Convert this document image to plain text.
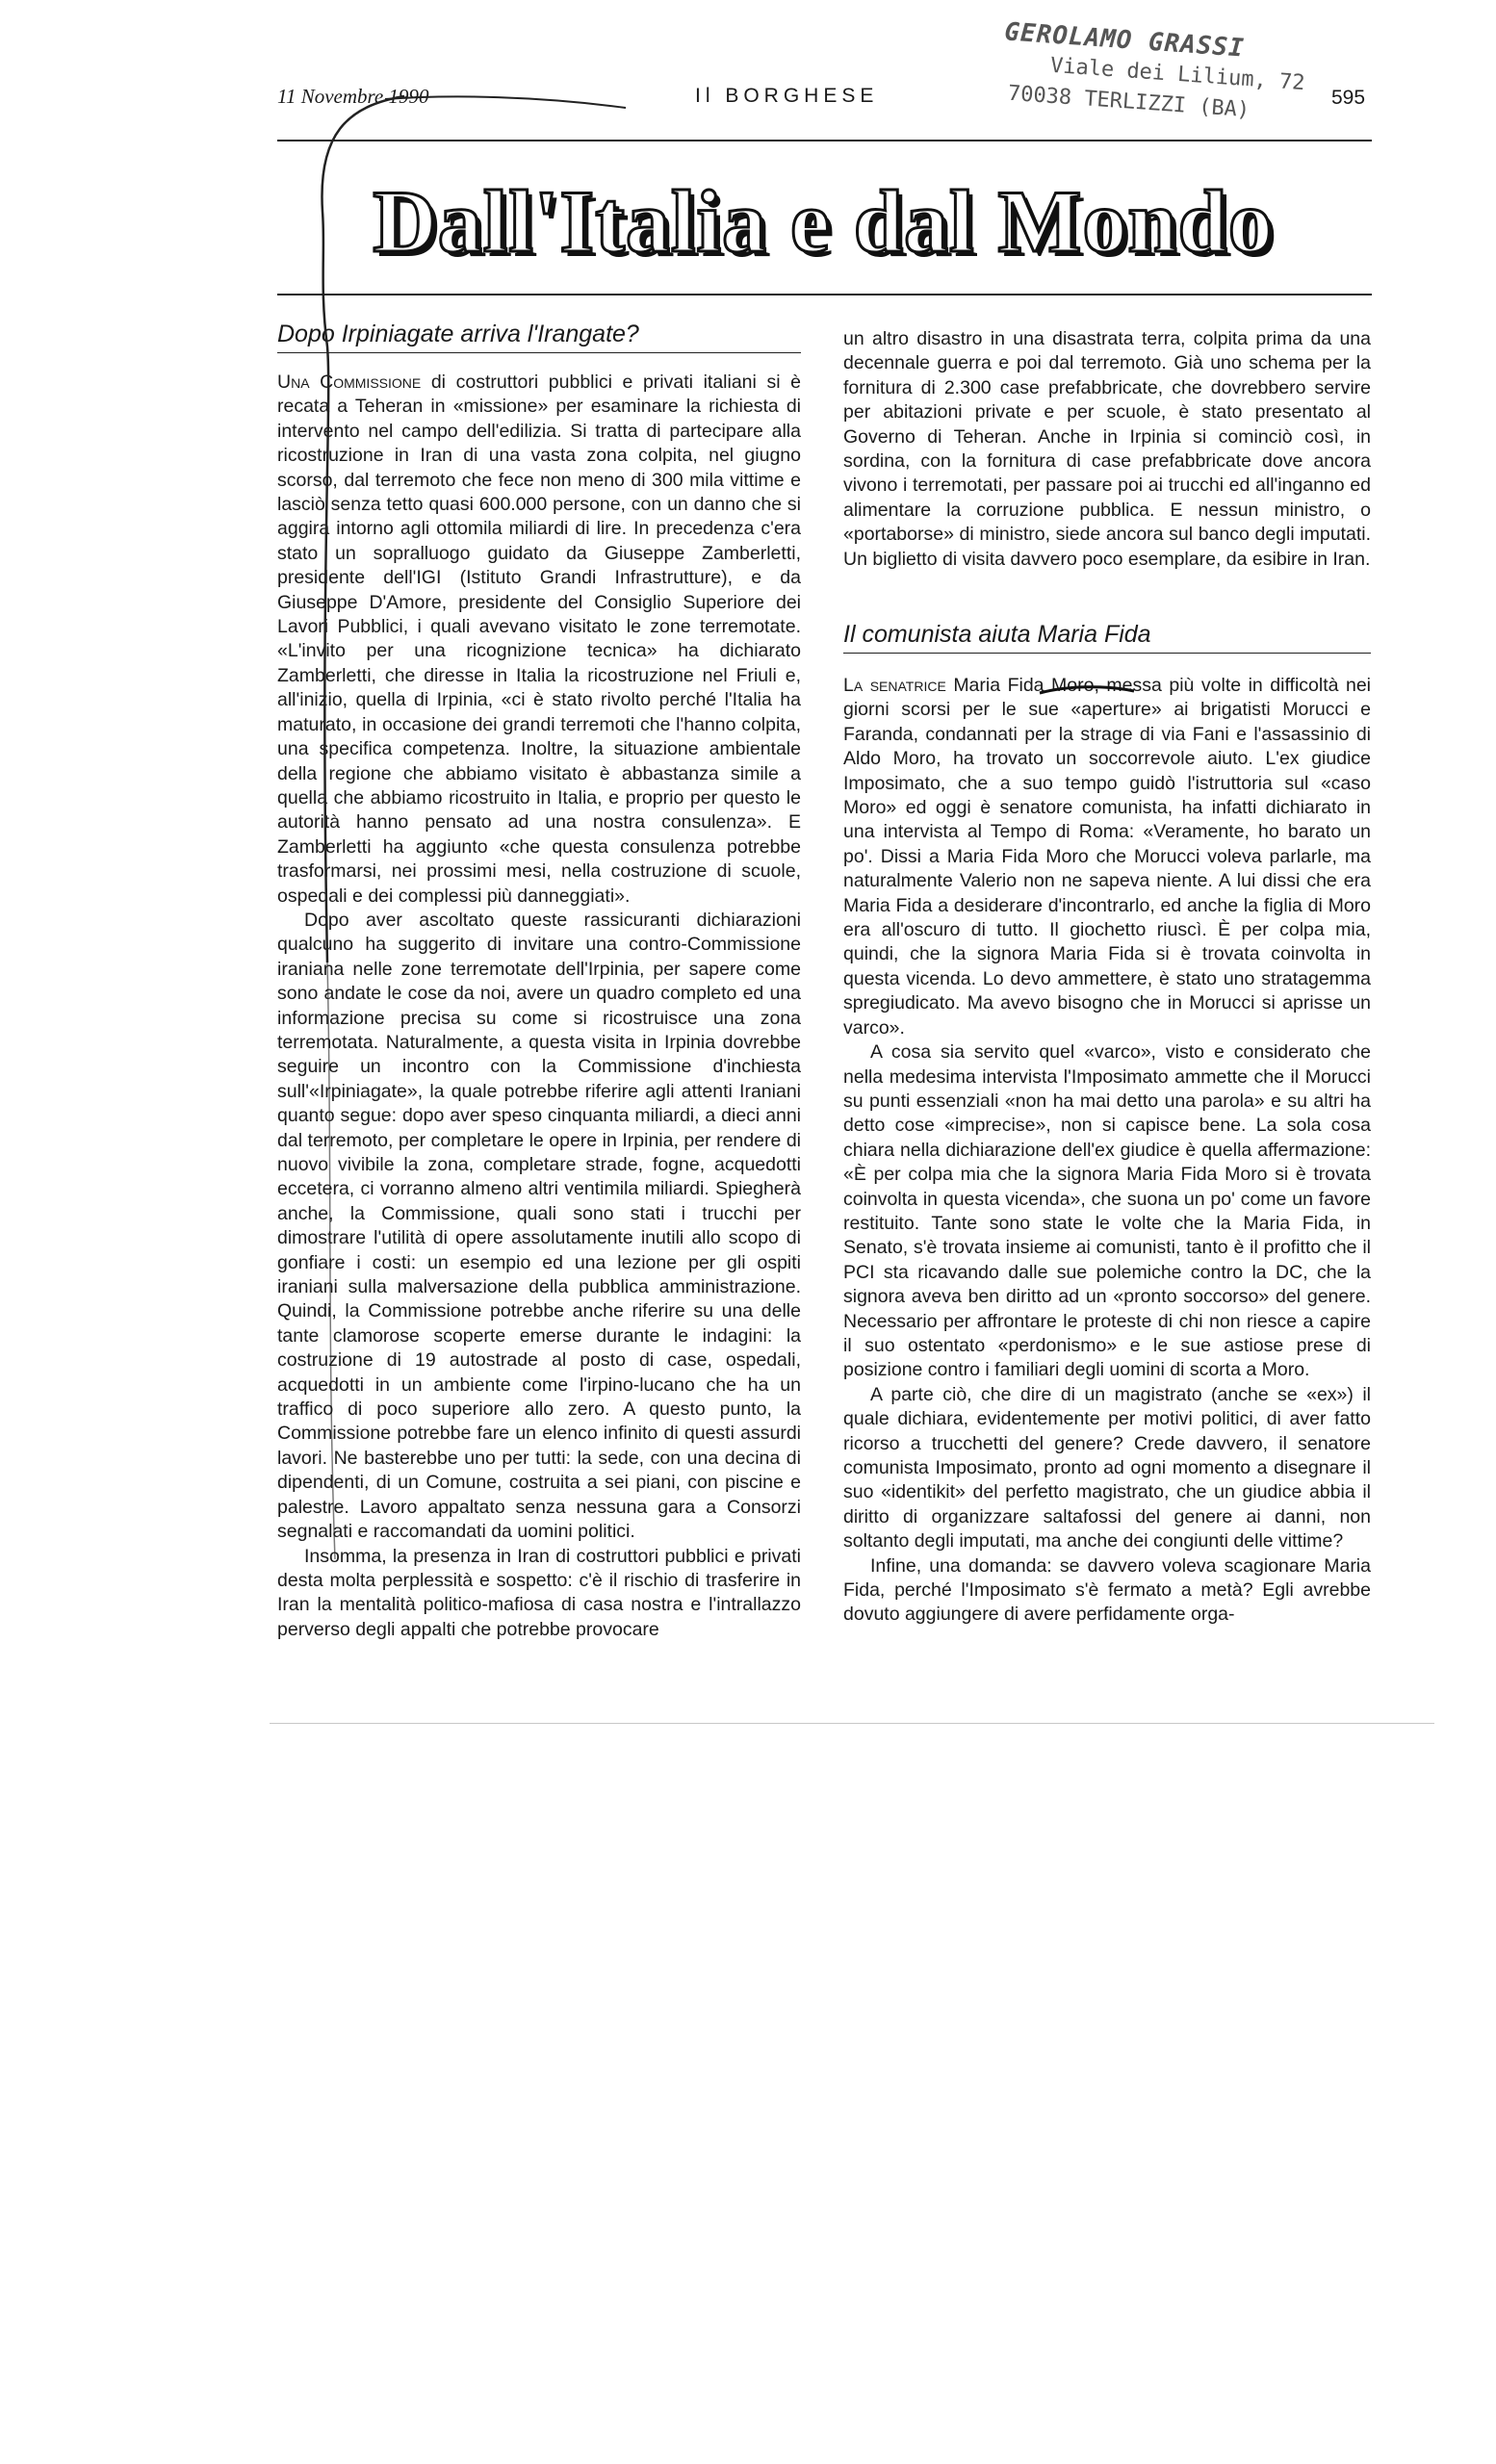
11 Novembre 1990	Il BORGHESE	595
GEROLAMO GRASSI
Viale dei Lilium, 72
70038 TERLIZZI (BA)
Dall'Italia e dal Mondo
Dopo Irpiniagate arriva l'Irangate?

Una Commissione di costruttori pubblici e privati italiani si è recata a Teheran in «missione» per esaminare la richiesta di intervento nel campo dell'edilizia. Si tratta di partecipare alla ricostruzione in Iran di una vasta zona colpita, nel giugno scorso, dal terremoto che fece non meno di 300 mila vittime e lasciò senza tetto quasi 600.000 persone, con un danno che si aggira intorno agli ottomila miliardi di lire. In precedenza c'era stato un sopralluogo guidato da Giuseppe Zamberletti, presidente dell'IGI (Istituto Grandi Infrastrutture), e da Giuseppe D'Amore, presidente del Consiglio Superiore dei Lavori Pubblici, i quali avevano visitato le zone terremotate. «L'invito per una ricognizione tecnica» ha dichiarato Zamberletti, che diresse in Italia la ricostruzione nel Friuli e, all'inizio, quella di Irpinia, «ci è stato rivolto perché l'Italia ha maturato, in occasione dei grandi terremoti che l'hanno colpita, una specifica competenza. Inoltre, la situazione ambientale della regione che abbiamo visitato è abbastanza simile a quella che abbiamo ricostruito in Italia, e proprio per questo le autorità hanno pensato ad una nostra consulenza». E Zamberletti ha aggiunto «che questa consulenza potrebbe trasformarsi, nei prossimi mesi, nella costruzione di scuole, ospedali e dei complessi più danneggiati».

Dopo aver ascoltato queste rassicuranti dichiarazioni qualcuno ha suggerito di invitare una contro-Commissione iraniana nelle zone terremotate dell'Irpinia, per sapere come sono andate le cose da noi, avere un quadro completo ed una informazione precisa su come si ricostruisce una zona terremotata. Naturalmente, a questa visita in Irpinia dovrebbe seguire un incontro con la Commissione d'inchiesta sull'«Irpiniagate», la quale potrebbe riferire agli attenti Iraniani quanto segue: dopo aver speso cinquanta miliardi, a dieci anni dal terremoto, per completare le opere in Irpinia, per rendere di nuovo vivibile la zona, completare strade, fogne, acquedotti eccetera, ci vorranno almeno altri ventimila miliardi. Spiegherà anche, la Commissione, quali sono stati i trucchi per dimostrare l'utilità di opere assolutamente inutili allo scopo di gonfiare i costi: un esempio ed una lezione per gli ospiti iraniani sulla malversazione della pubblica amministrazione. Quindi, la Commissione potrebbe anche riferire su una delle tante clamorose scoperte emerse durante le indagini: la costruzione di 19 autostrade al posto di case, ospedali, acquedotti in un ambiente come l'irpino-lucano che ha un traffico di poco superiore allo zero. A questo punto, la Commissione potrebbe fare un elenco infinito di questi assurdi lavori. Ne basterebbe uno per tutti: la sede, con una decina di dipendenti, di un Comune, costruita a sei piani, con piscine e palestre. Lavoro appaltato senza nessuna gara a Consorzi segnalati e raccomandati da uomini politici.

Insomma, la presenza in Iran di costruttori pubblici e privati desta molta perplessità e sospetto: c'è il rischio di trasferire in Iran la mentalità politico-mafiosa di casa nostra e l'intrallazzo perverso degli appalti che potrebbe provocare

un altro disastro in una disastrata terra, colpita prima da una decennale guerra e poi dal terremoto. Già uno schema per la fornitura di 2.300 case prefabbricate, che dovrebbero servire per abitazioni private e per scuole, è stato presentato al Governo di Teheran. Anche in Irpinia si cominciò così, in sordina, con la fornitura di case prefabbricate dove ancora vivono i terremotati, per passare poi ai trucchi ed all'inganno ed alimentare la corruzione pubblica. E nessun ministro, o «portaborse» di ministro, siede ancora sul banco degli imputati. Un biglietto di visita davvero poco esemplare, da esibire in Iran.

Il comunista aiuta Maria Fida

La senatrice Maria Fida Moro, messa più volte in difficoltà nei giorni scorsi per le sue «aperture» ai brigatisti Morucci e Faranda, condannati per la strage di via Fani e l'assassinio di Aldo Moro, ha trovato un soccorrevole aiuto. L'ex giudice Imposimato, che a suo tempo guidò l'istruttoria sul «caso Moro» ed oggi è senatore comunista, ha infatti dichiarato in una intervista al Tempo di Roma: «Veramente, ho barato un po'. Dissi a Maria Fida Moro che Morucci voleva parlarle, ma naturalmente Valerio non ne sapeva niente. A lui dissi che era Maria Fida a desiderare d'incontrarlo, ed anche la figlia di Moro era all'oscuro di tutto. Il giochetto riuscì. È per colpa mia, quindi, che la signora Maria Fida si è trovata coinvolta in questa vicenda. Lo devo ammettere, è stato uno stratagemma spregiudicato. Ma avevo bisogno che in Morucci si aprisse un varco».

A cosa sia servito quel «varco», visto e considerato che nella medesima intervista l'Imposimato ammette che il Morucci su punti essenziali «non ha mai detto una parola» e su altri ha detto cose «imprecise», non si capisce bene. La sola cosa chiara nella dichiarazione dell'ex giudice è quella affermazione: «È per colpa mia che la signora Maria Fida Moro si è trovata coinvolta in questa vicenda», che suona un po' come un favore restituito. Tante sono state le volte che la Maria Fida, in Senato, s'è trovata insieme ai comunisti, tanto è il profitto che il PCI sta ricavando dalle sue polemiche contro la DC, che la signora aveva ben diritto ad un «pronto soccorso» del genere. Necessario per affrontare le proteste di chi non riesce a capire il suo ostentato «perdonismo» e le sue astiose prese di posizione contro i familiari degli uomini di scorta a Moro.

A parte ciò, che dire di un magistrato (anche se «ex») il quale dichiara, evidentemente per motivi politici, di aver fatto ricorso a trucchetti del genere? Crede davvero, il senatore comunista Imposimato, pronto ad ogni momento a disegnare il suo «identikit» del perfetto magistrato, che un giudice abbia il diritto di organizzare saltafossi del genere ai danni, non soltanto degli imputati, ma anche dei congiunti delle vittime?

Infine, una domanda: se davvero voleva scagionare Maria Fida, perché l'Imposimato s'è fermato a metà? Egli avrebbe dovuto aggiungere di avere perfidamente orga-
